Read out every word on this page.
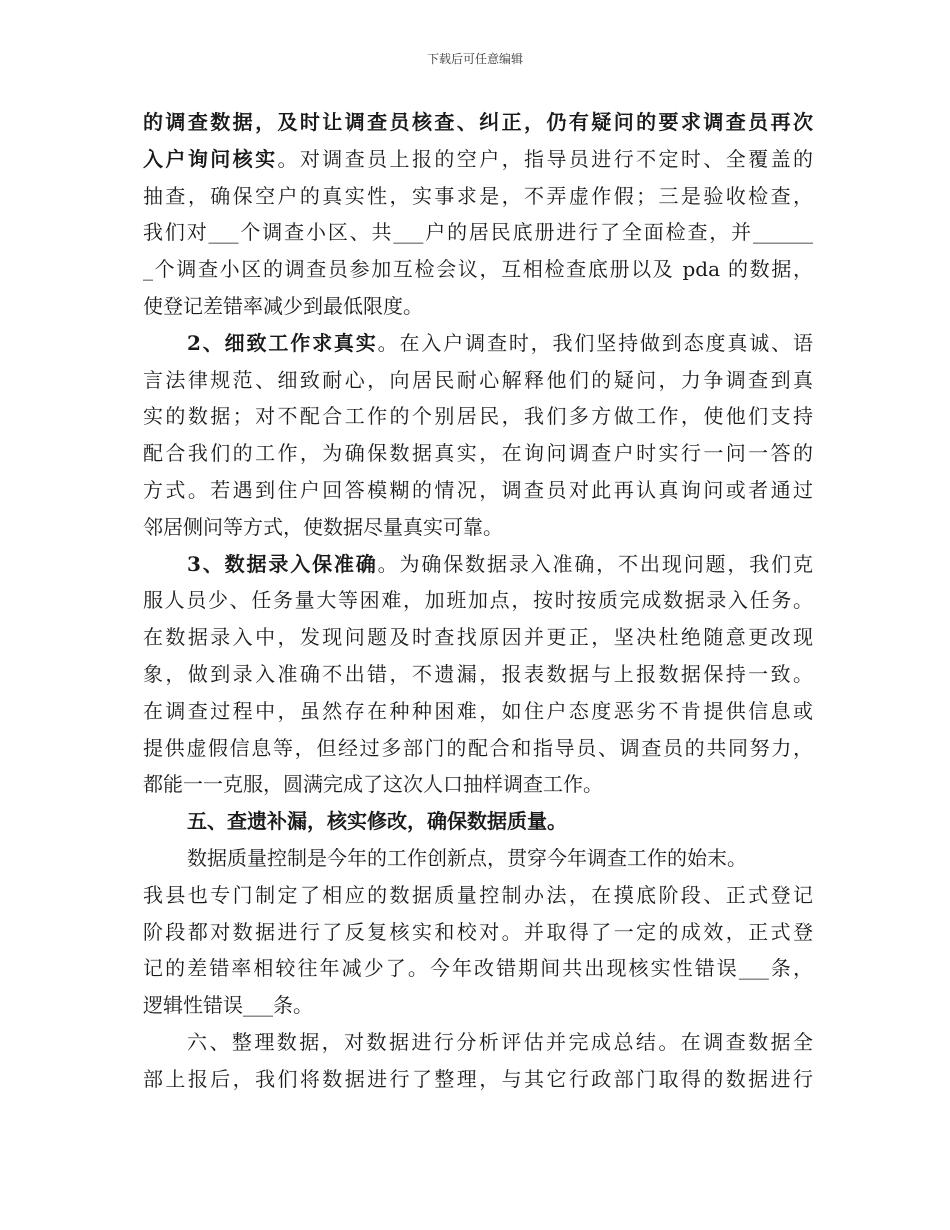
下载后可任意编辑
的调查数据，及时让调查员核查、纠正，仍有疑问的要求调查员再次
入户询问核实。对调查员上报的空户，指导员进行不定时、全覆盖的
抽查，确保空户的真实性，实事求是，不弄虚作假；三是验收检查，
我们对___个调查小区、共___户的居民底册进行了全面检查，并______
_个调查小区的调查员参加互检会议，互相检查底册以及 pda 的数据，
使登记差错率减少到最低限度。
2、细致工作求真实。在入户调查时，我们坚持做到态度真诚、语
言法律规范、细致耐心，向居民耐心解释他们的疑问，力争调查到真
实的数据；对不配合工作的个别居民，我们多方做工作，使他们支持
配合我们的工作，为确保数据真实，在询问调查户时实行一问一答的
方式。若遇到住户回答模糊的情况，调查员对此再认真询问或者通过
邻居侧问等方式，使数据尽量真实可靠。
3、数据录入保准确。为确保数据录入准确，不出现问题，我们克
服人员少、任务量大等困难，加班加点，按时按质完成数据录入任务。
在数据录入中，发现问题及时查找原因并更正，坚决杜绝随意更改现
象，做到录入准确不出错，不遗漏，报表数据与上报数据保持一致。
在调查过程中，虽然存在种种困难，如住户态度恶劣不肯提供信息或
提供虚假信息等，但经过多部门的配合和指导员、调查员的共同努力，
都能一一克服，圆满完成了这次人口抽样调查工作。
五、查遗补漏，核实修改，确保数据质量。
数据质量控制是今年的工作创新点，贯穿今年调查工作的始末。
我县也专门制定了相应的数据质量控制办法，在摸底阶段、正式登记
阶段都对数据进行了反复核实和校对。并取得了一定的成效，正式登
记的差错率相较往年减少了。今年改错期间共出现核实性错误___条，
逻辑性错误___条。
六、整理数据，对数据进行分析评估并完成总结。在调查数据全
部上报后，我们将数据进行了整理，与其它行政部门取得的数据进行
